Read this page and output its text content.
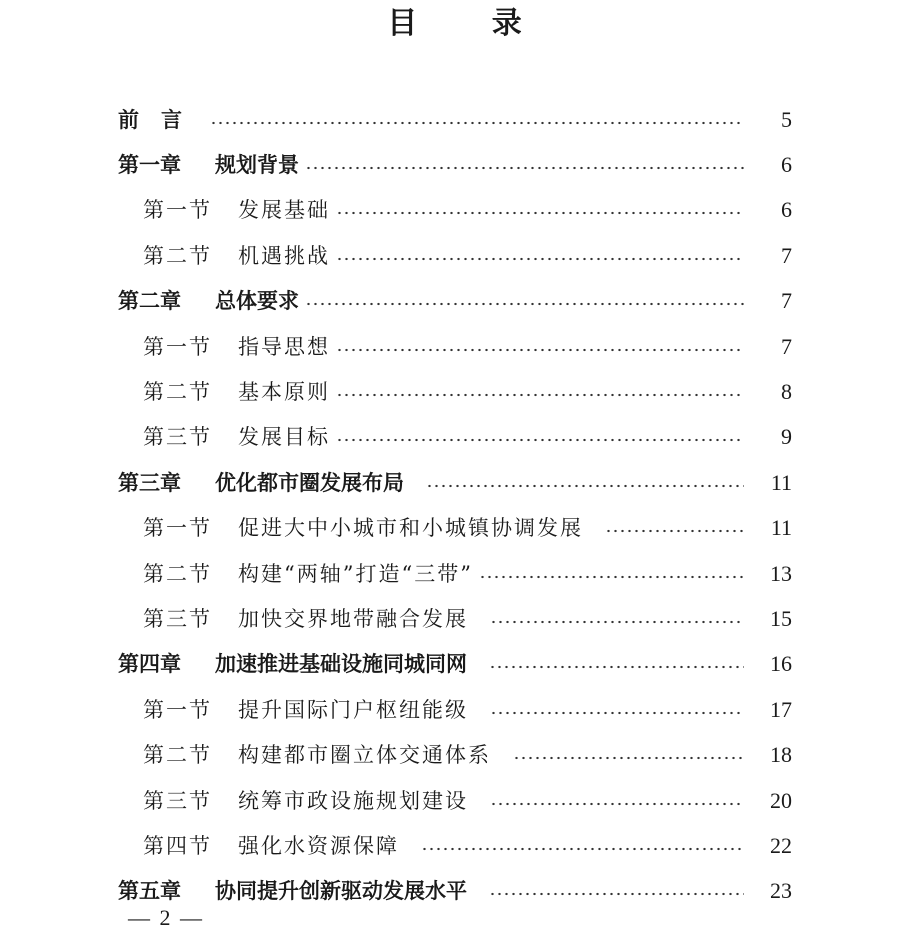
目 录
前言	5
第一章	规划背景	6
第一节	发展基础	6
第二节	机遇挑战	7
第二章	总体要求	7
第一节	指导思想	7
第二节	基本原则	8
第三节	发展目标	9
第三章	优化都市圈发展布局	11
第一节	促进大中小城市和小城镇协调发展	11
第二节	构建“两轴”打造“三带”	13
第三节	加快交界地带融合发展	15
第四章	加速推进基础设施同城同网	16
第一节	提升国际门户枢纽能级	17
第二节	构建都市圈立体交通体系	18
第三节	统筹市政设施规划建设	20
第四节	强化水资源保障	22
第五章	协同提升创新驱动发展水平	23
— 2 —
